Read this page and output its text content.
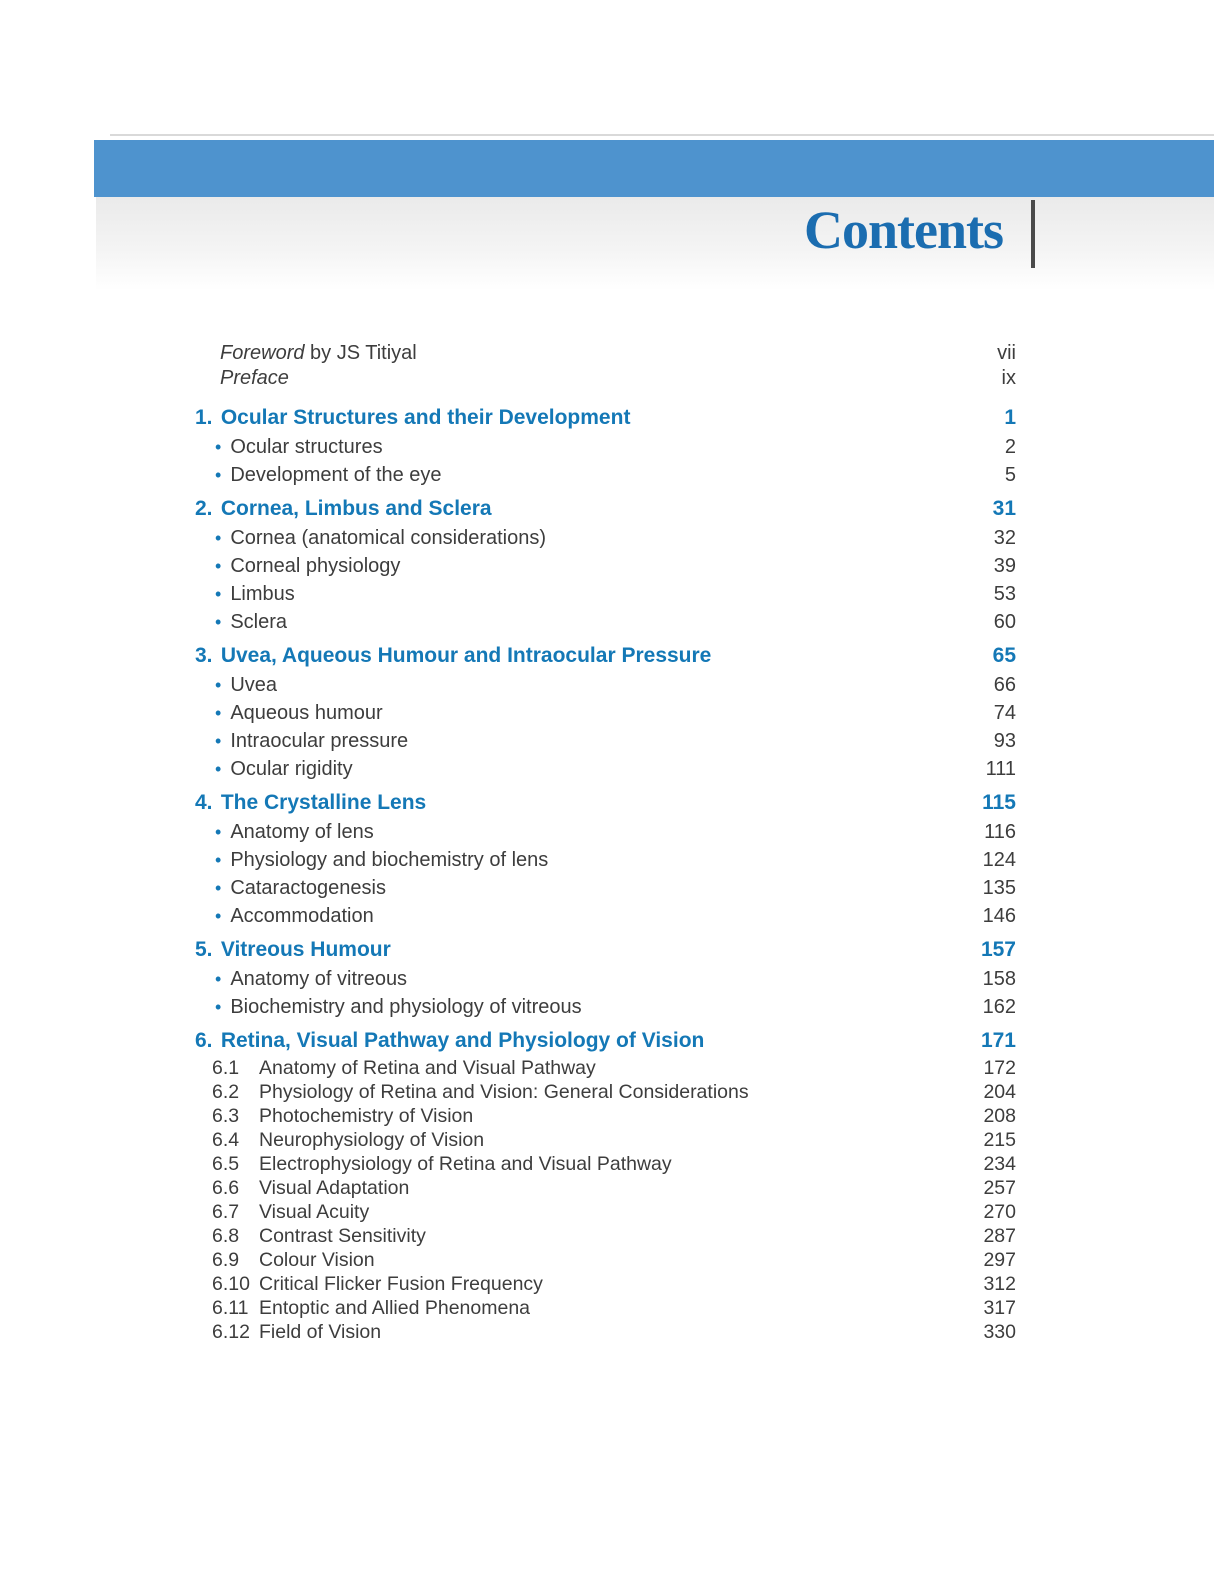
Contents
Foreword by JS Titiyal	vii
Preface	ix
1. Ocular Structures and their Development	1
• Ocular structures	2
• Development of the eye	5
2. Cornea, Limbus and Sclera	31
• Cornea (anatomical considerations)	32
• Corneal physiology	39
• Limbus	53
• Sclera	60
3. Uvea, Aqueous Humour and Intraocular Pressure	65
• Uvea	66
• Aqueous humour	74
• Intraocular pressure	93
• Ocular rigidity	111
4. The Crystalline Lens	115
• Anatomy of lens	116
• Physiology and biochemistry of lens	124
• Cataractogenesis	135
• Accommodation	146
5. Vitreous Humour	157
• Anatomy of vitreous	158
• Biochemistry and physiology of vitreous	162
6. Retina, Visual Pathway and Physiology of Vision	171
6.1	Anatomy of Retina and Visual Pathway	172
6.2	Physiology of Retina and Vision: General Considerations	204
6.3	Photochemistry of Vision	208
6.4	Neurophysiology of Vision	215
6.5	Electrophysiology of Retina and Visual Pathway	234
6.6	Visual Adaptation	257
6.7	Visual Acuity	270
6.8	Contrast Sensitivity	287
6.9	Colour Vision	297
6.10 Critical Flicker Fusion Frequency	312
6.11 Entoptic and Allied Phenomena	317
6.12 Field of Vision	330
